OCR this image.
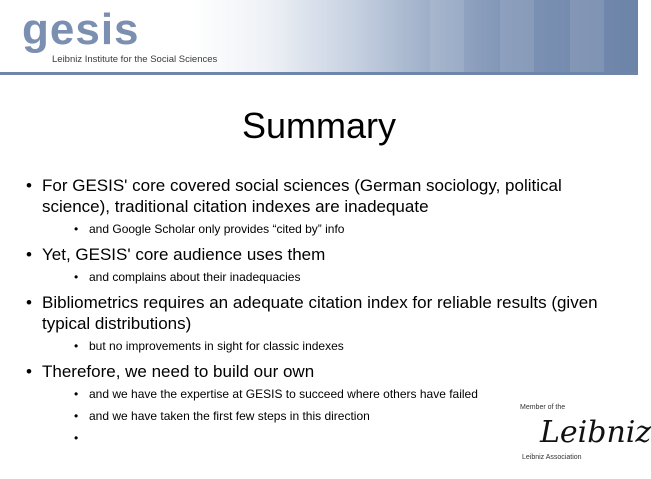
gesis
Leibniz Institute for the Social Sciences
Summary
• For GESIS' core covered social sciences (German sociology, political science), traditional citation indexes are inadequate
• and Google Scholar only provides “cited by” info
• Yet, GESIS' core audience uses them
• and complains about their inadequacies
• Bibliometrics requires an adequate citation index for reliable results (given typical distributions)
• but no improvements in sight for classic indexes
• Therefore, we need to build our own
• and we have the expertise at GESIS to succeed where others have failed
• and we have taken the first few steps in this direction
•
Member of the
Leibniz
Leibniz Association
